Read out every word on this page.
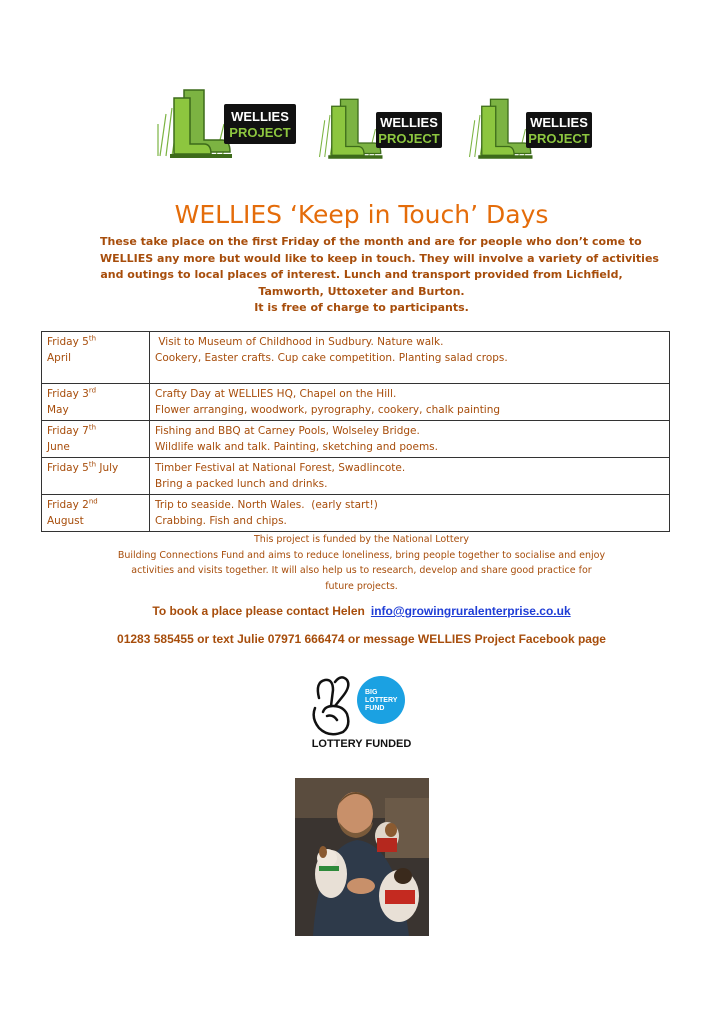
WELLIES
PROJECT
WELLIES
PROJECT
WELLIES
PROJECT
WELLIES ‘Keep in Touch’ Days
These take place on the first Friday of the month and are for people who don’t come to
WELLIES any more but would like to keep in touch. They will involve a variety of activities
and outings to local places of interest. Lunch and transport provided from Lichfield,
Tamworth, Uttoxeter and Burton.
It is free of charge to participants.
Friday 5th
April	Visit to Museum of Childhood in Sudbury. Nature walk.
Cookery, Easter crafts. Cup cake competition. Planting salad crops.
Friday 3rd
May	Crafty Day at WELLIES HQ, Chapel on the Hill.
Flower arranging, woodwork, pyrography, cookery, chalk painting
Friday 7th
June	Fishing and BBQ at Carney Pools, Wolseley Bridge.
Wildlife walk and talk. Painting, sketching and poems.
Friday 5th July	Timber Festival at National Forest, Swadlincote.
Bring a packed lunch and drinks.
Friday 2nd
August	Trip to seaside. North Wales.  (early start!)
Crabbing. Fish and chips.
This project is funded by the National Lottery
Building Connections Fund and aims to reduce loneliness, bring people together to socialise and enjoy
activities and visits together. It will also help us to research, develop and share good practice for
future projects.
To book a place please contact Helen info@growingruralenterprise.co.uk
01283 585455 or text Julie 07971 666474 or message WELLIES Project Facebook page
BIG
LOTTERY
FUND
LOTTERY FUNDED
